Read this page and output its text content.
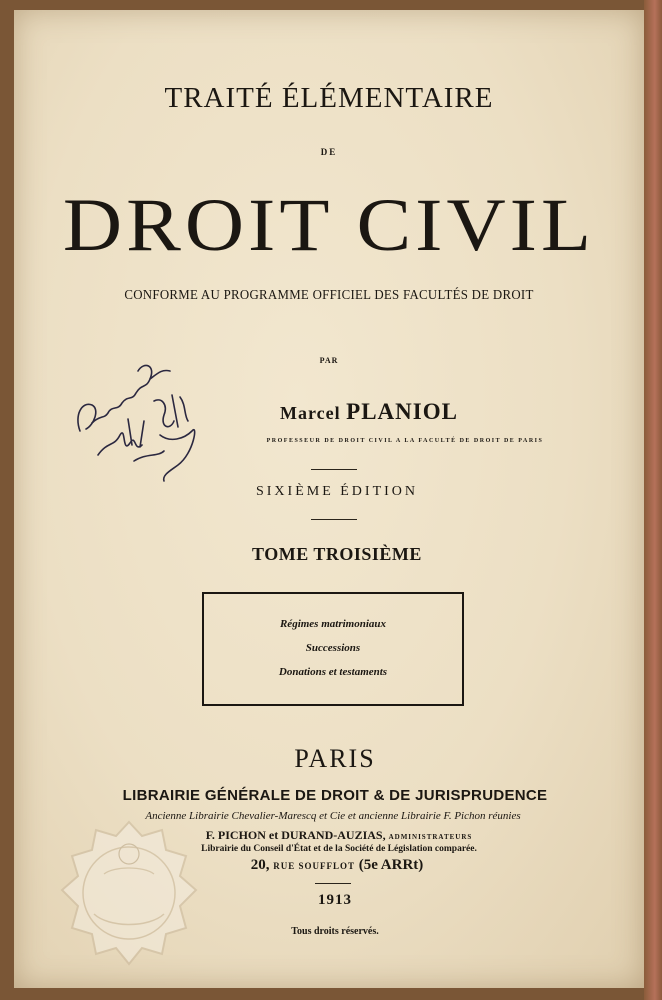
TRAITÉ ÉLÉMENTAIRE
DE
DROIT CIVIL
CONFORME AU PROGRAMME OFFICIEL DES FACULTÉS DE DROIT
PAR
Marcel PLANIOL
PROFESSEUR DE DROIT CIVIL A LA FACULTÉ DE DROIT DE PARIS
SIXIÈME ÉDITION
TOME TROISIÈME
Régimes matrimoniaux
Successions
Donations et testaments
PARIS
LIBRAIRIE GÉNÉRALE DE DROIT & DE JURISPRUDENCE
Ancienne Librairie Chevalier-Marescq et Cie et ancienne Librairie F. Pichon réunies
F. PICHON et DURAND-AUZIAS, ADMINISTRATEURS
Librairie du Conseil d'État et de la Société de Législation comparée.
20, RUE SOUFFLOT (5e ARRt)
1913
Tous droits réservés.
